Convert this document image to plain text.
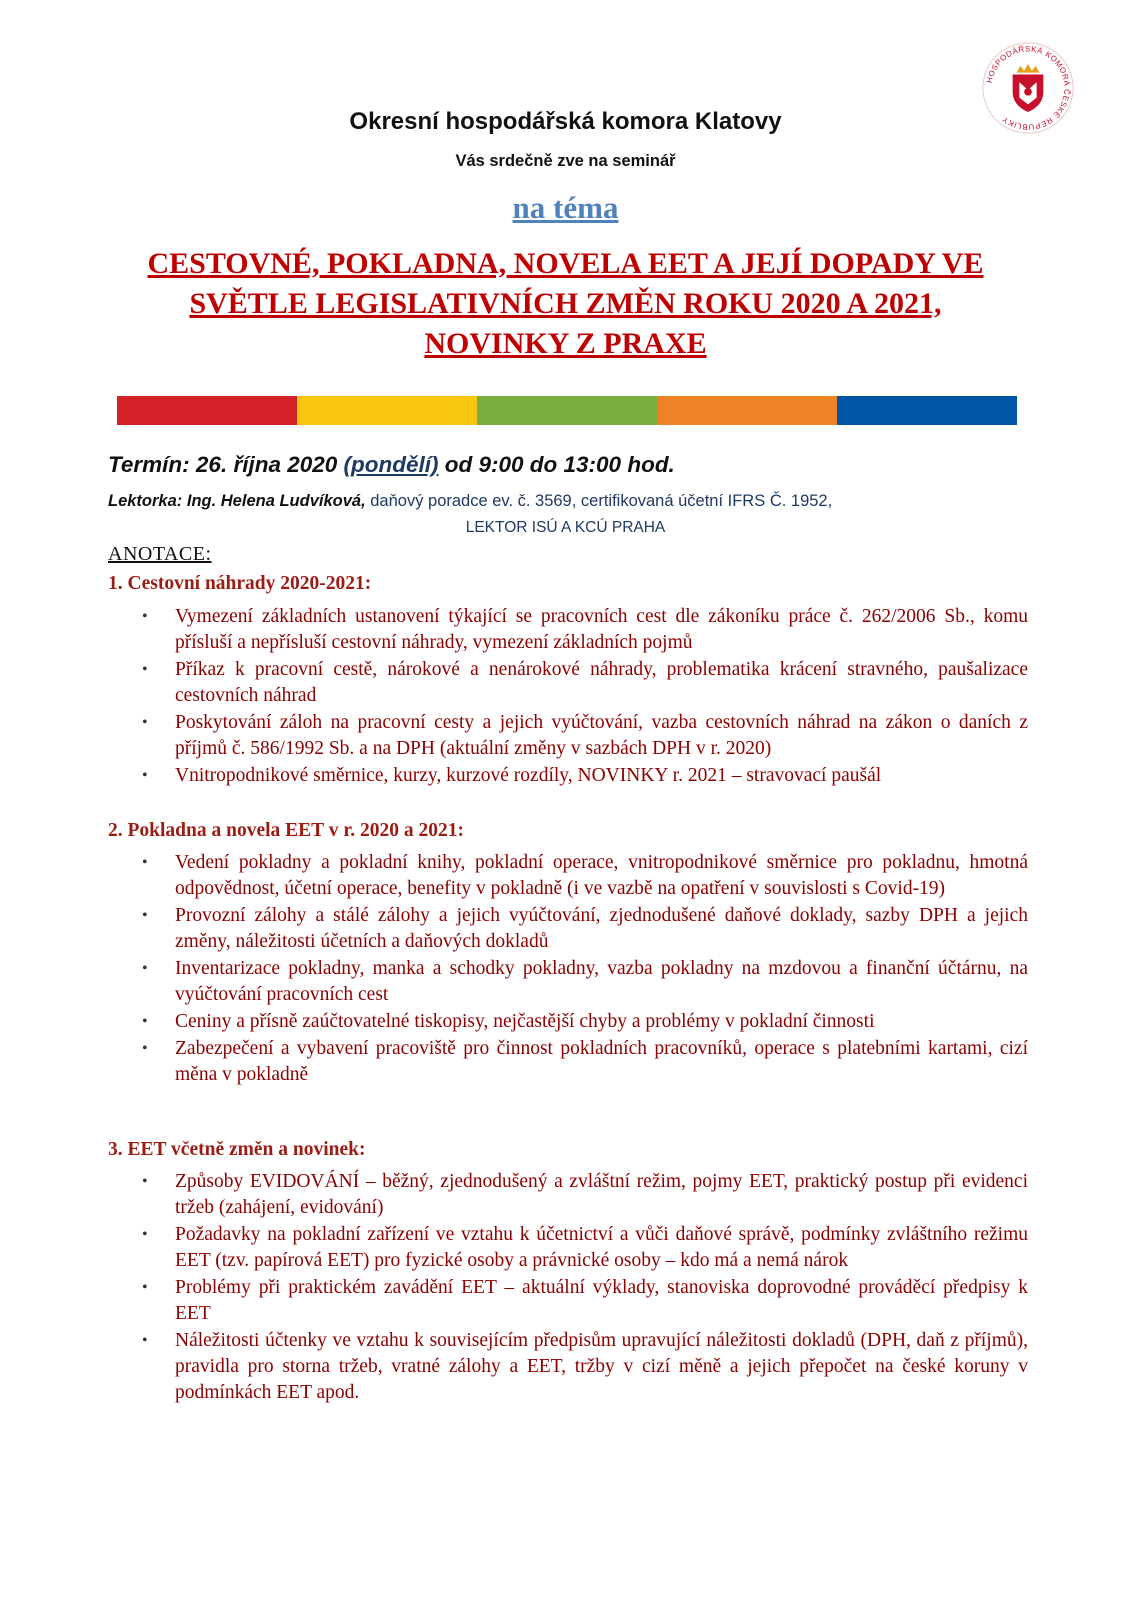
HOSPODÁŘSKÁ KOMORA ČESKÉ REPUBLIKY
Okresní hospodářská komora Klatovy
Vás srdečně zve na seminář
na téma
CESTOVNÉ, POKLADNA, NOVELA EET A JEJÍ DOPADY VE
SVĚTLE LEGISLATIVNÍCH ZMĚN ROKU 2020 A 2021,
NOVINKY Z PRAXE
Termín: 26. října 2020 (pondělí) od 9:00 do 13:00 hod.
Lektorka: Ing. Helena Ludvíková, daňový poradce ev. č. 3569, certifikovaná účetní IFRS Č. 1952,
LEKTOR ISÚ A KCÚ PRAHA
ANOTACE:
1. Cestovní náhrady 2020-2021:
• Vymezení základních ustanovení týkající se pracovních cest dle zákoníku práce č. 262/2006 Sb., komu přísluší a nepřísluší cestovní náhrady, vymezení základních pojmů
• Příkaz k pracovní cestě, nárokové a nenárokové náhrady, problematika krácení stravného, paušalizace cestovních náhrad
• Poskytování záloh na pracovní cesty a jejich vyúčtování, vazba cestovních náhrad na zákon o daních z příjmů č. 586/1992 Sb. a na DPH (aktuální změny v sazbách DPH v r. 2020)
• Vnitropodnikové směrnice, kurzy, kurzové rozdíly, NOVINKY r. 2021 – stravovací paušál
2. Pokladna a novela EET v r. 2020 a 2021:
• Vedení pokladny a pokladní knihy, pokladní operace, vnitropodnikové směrnice pro pokladnu, hmotná odpovědnost, účetní operace, benefity v pokladně (i ve vazbě na opatření v souvislosti s Covid-19)
• Provozní zálohy a stálé zálohy a jejich vyúčtování, zjednodušené daňové doklady, sazby DPH a jejich změny, náležitosti účetních a daňových dokladů
• Inventarizace pokladny, manka a schodky pokladny, vazba pokladny na mzdovou a finanční účtárnu, na vyúčtování pracovních cest
• Ceniny a přísně zaúčtovatelné tiskopisy, nejčastější chyby a problémy v pokladní činnosti
• Zabezpečení a vybavení pracoviště pro činnost pokladních pracovníků, operace s platebními kartami, cizí měna v pokladně
3. EET včetně změn a novinek:
• Způsoby EVIDOVÁNÍ – běžný, zjednodušený a zvláštní režim, pojmy EET, praktický postup při evidenci tržeb (zahájení, evidování)
• Požadavky na pokladní zařízení ve vztahu k účetnictví a vůči daňové správě, podmínky zvláštního režimu EET (tzv. papírová EET) pro fyzické osoby a právnické osoby – kdo má a nemá nárok
• Problémy při praktickém zavádění EET – aktuální výklady, stanoviska doprovodné prováděcí předpisy k EET
• Náležitosti účtenky ve vztahu k souvisejícím předpisům upravující náležitosti dokladů (DPH, daň z příjmů), pravidla pro storna tržeb, vratné zálohy a EET, tržby v cizí měně a jejich přepočet na české koruny v podmínkách EET apod.
